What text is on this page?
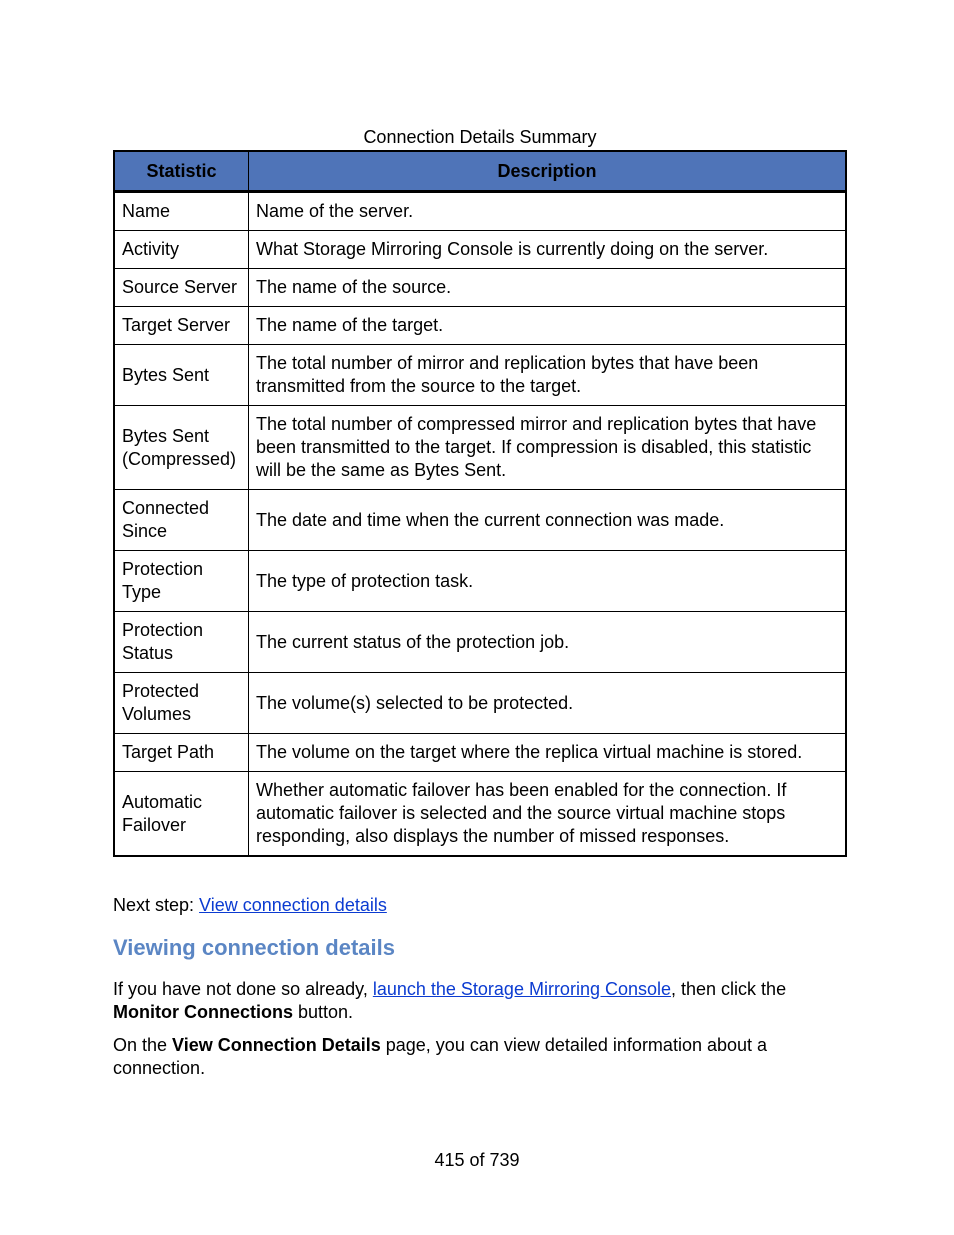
Connection Details Summary
Statistic	Description
Name	Name of the server.
Activity	What Storage Mirroring Console is currently doing on the server.
Source Server	The name of the source.
Target Server	The name of the target.
Bytes Sent	The total number of mirror and replication bytes that have been transmitted from the source to the target.
Bytes Sent (Compressed)	The total number of compressed mirror and replication bytes that have been transmitted to the target. If compression is disabled, this statistic will be the same as Bytes Sent.
Connected Since	The date and time when the current connection was made.
Protection Type	The type of protection task.
Protection Status	The current status of the protection job.
Protected Volumes	The volume(s) selected to be protected.
Target Path	The volume on the target where the replica virtual machine is stored.
Automatic Failover	Whether automatic failover has been enabled for the connection. If automatic failover is selected and the source virtual machine stops responding, also displays the number of missed responses.
Next step: View connection details
Viewing connection details

If you have not done so already, launch the Storage Mirroring Console, then click the Monitor Connections button.

On the View Connection Details page, you can view detailed information about a connection.

415 of 739
